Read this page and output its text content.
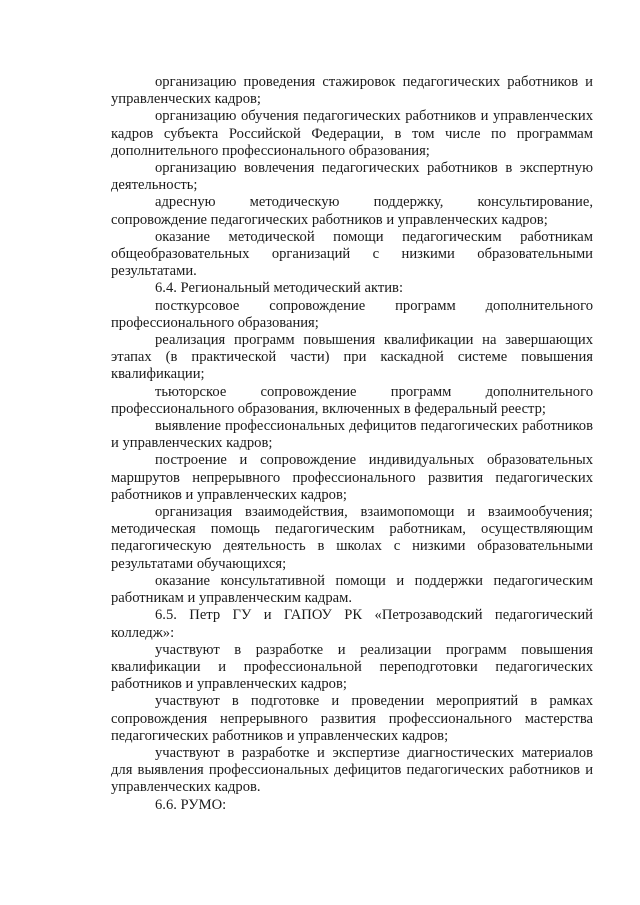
организацию проведения стажировок педагогических работников и управленческих кадров;

организацию обучения педагогических работников и управленческих кадров субъекта Российской Федерации, в том числе по программам дополнительного профессионального образования;

организацию вовлечения педагогических работников в экспертную деятельность;

адресную методическую поддержку, консультирование, сопровождение педагогических работников и управленческих кадров;

оказание методической помощи педагогическим работникам общеобразовательных организаций с низкими образовательными результатами.

6.4. Региональный методический актив:

посткурсовое сопровождение программ дополнительного профессионального образования;

реализация программ повышения квалификации на завершающих этапах (в практической части) при каскадной системе повышения квалификации;

тьюторское сопровождение программ дополнительного профессионального образования, включенных в федеральный реестр;

выявление профессиональных дефицитов педагогических работников и управленческих кадров;

построение и сопровождение индивидуальных образовательных маршрутов непрерывного профессионального развития педагогических работников и управленческих кадров;

организация взаимодействия, взаимопомощи и взаимообучения; методическая помощь педагогическим работникам, осуществляющим педагогическую деятельность в школах с низкими образовательными результатами обучающихся;

оказание консультативной помощи и поддержки педагогическим работникам и управленческим кадрам.

6.5. Петр ГУ и ГАПОУ РК «Петрозаводский педагогический колледж»:

участвуют в разработке и реализации программ повышения квалификации и профессиональной переподготовки педагогических работников и управленческих кадров;

участвуют в подготовке и проведении мероприятий в рамках сопровождения непрерывного развития профессионального мастерства педагогических работников и управленческих кадров;

участвуют в разработке и экспертизе диагностических материалов для выявления профессиональных дефицитов педагогических работников и управленческих кадров.

6.6. РУМО:
